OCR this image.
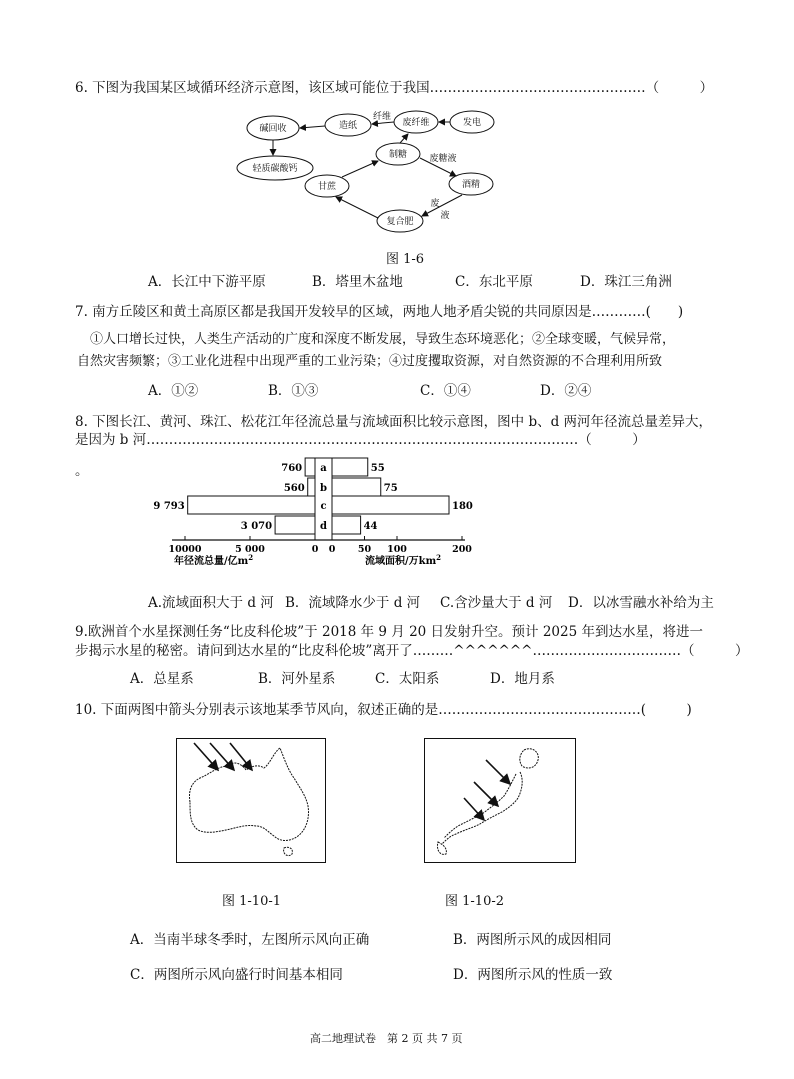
6. 下图为我国某区域循环经济示意图，该区域可能位于我国…………………………………………（　　　）
碱回收	造纸
纤维
废纤维	发电
轻质碳酸钙
制糖 废糖液
甘蔗	酒精
废
液
复合肥
图 1-6
A．长江中下游平原	B．塔里木盆地	C．东北平原	D．珠江三角洲
7. 南方丘陵区和黄土高原区都是我国开发较早的区域，两地人地矛盾尖锐的共同原因是…………(　　)
①人口增长过快，人类生产活动的广度和深度不断发展，导致生态环境恶化；②全球变暖，气候异常，
自然灾害频繁；③工业化进程中出现严重的工业污染；④过度攫取资源，对自然资源的不合理利用所致
A．①②	B．①③	C．①④	D．②④
8. 下图长江、黄河、珠江、松花江年径流总量与流域面积比较示意图，图中 b、d 两河年径流总量差异大，
是因为 b 河……………………………………………………………………………………（　　　）
。	760	55
a
560	75
b
9 793	180
c
3 070	44
d
10000	5 000	0 0 50 100	200
年径流总量/亿$m^2$	流域面积/万$km^2$
A.流域面积大于 d 河 B．流域降水少于 d 河 C.含沙量大于 d 河 D．以冰雪融水补给为主
9.欧洲首个水星探测任务“比皮科伦坡”于 2018 年 9 月 20 日发射升空。预计 2025 年到达水星，将进一
步揭示水星的秘密。请问到达水星的“比皮科伦坡”离开了………^^^^^^^……………………………（　　　）
A．总星系	B．河外星系	C．太阳系	D．地月系
10. 下面两图中箭头分别表示该地某季节风向，叙述正确的是………………………………………(　　　)
图 1-10-1	图 1-10-2
A．当南半球冬季时，左图所示风向正确	B．两图所示风的成因相同
C．两图所示风向盛行时间基本相同	D．两图所示风的性质一致
高二地理试卷　第 2 页 共 7 页
